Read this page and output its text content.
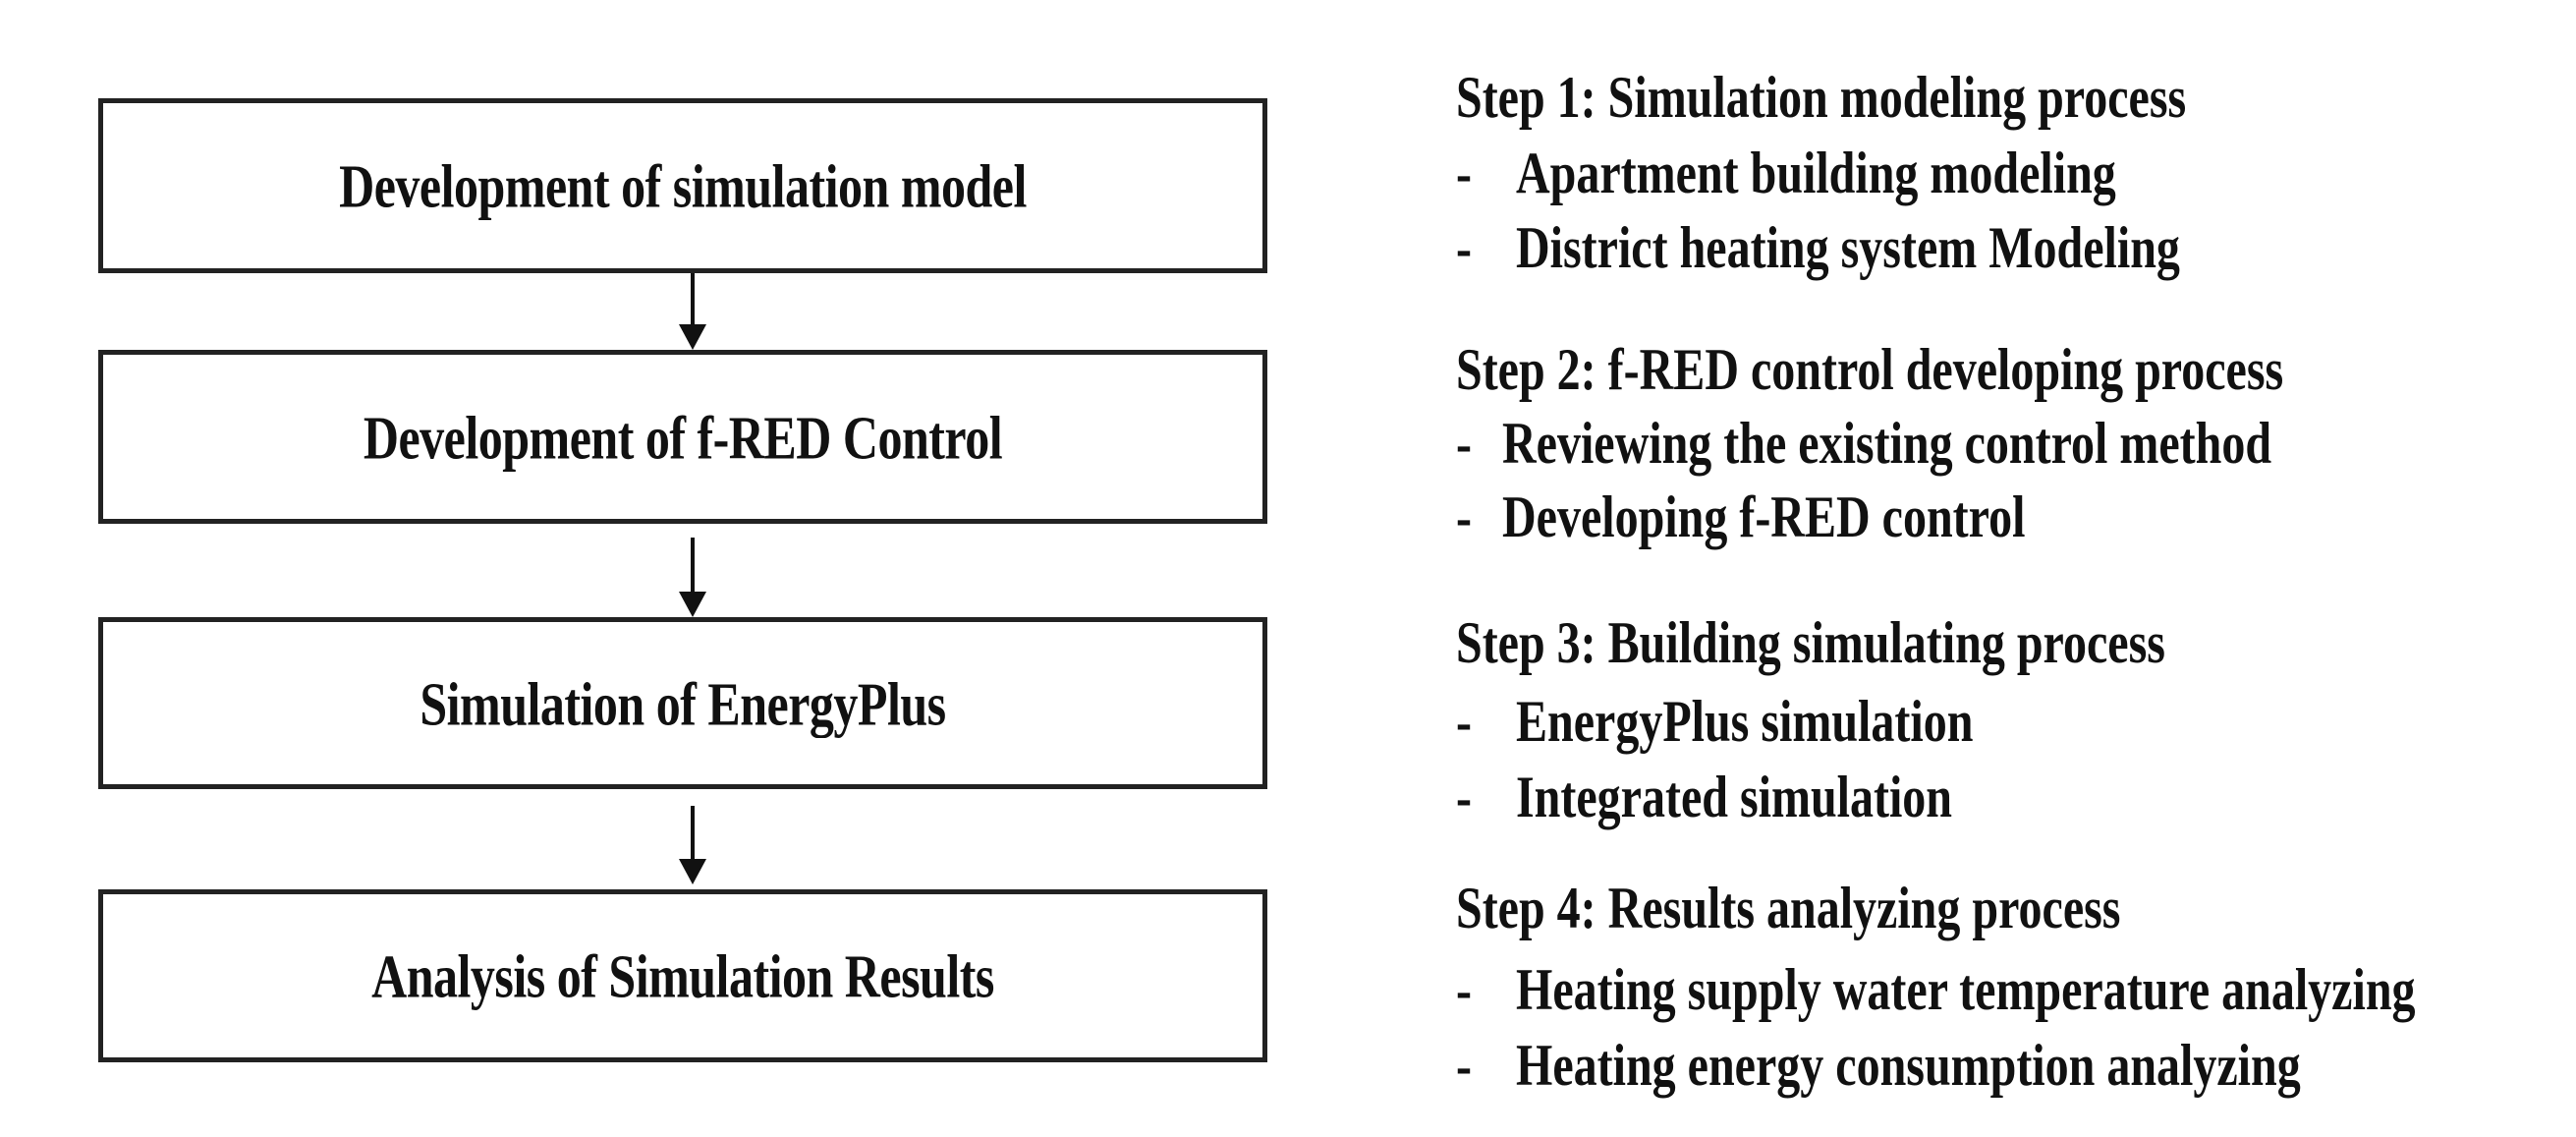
Development of simulation model
Development of f-RED Control
Simulation of EnergyPlus
Analysis of Simulation Results
Step 1: Simulation modeling process
- Apartment building modeling
- District heating system Modeling
Step 2: f-RED control developing process
- Reviewing the existing control method
- Developing f-RED control
Step 3: Building simulating process
- EnergyPlus simulation
- Integrated simulation
Step 4: Results analyzing process
- Heating supply water temperature analyzing
- Heating energy consumption analyzing
